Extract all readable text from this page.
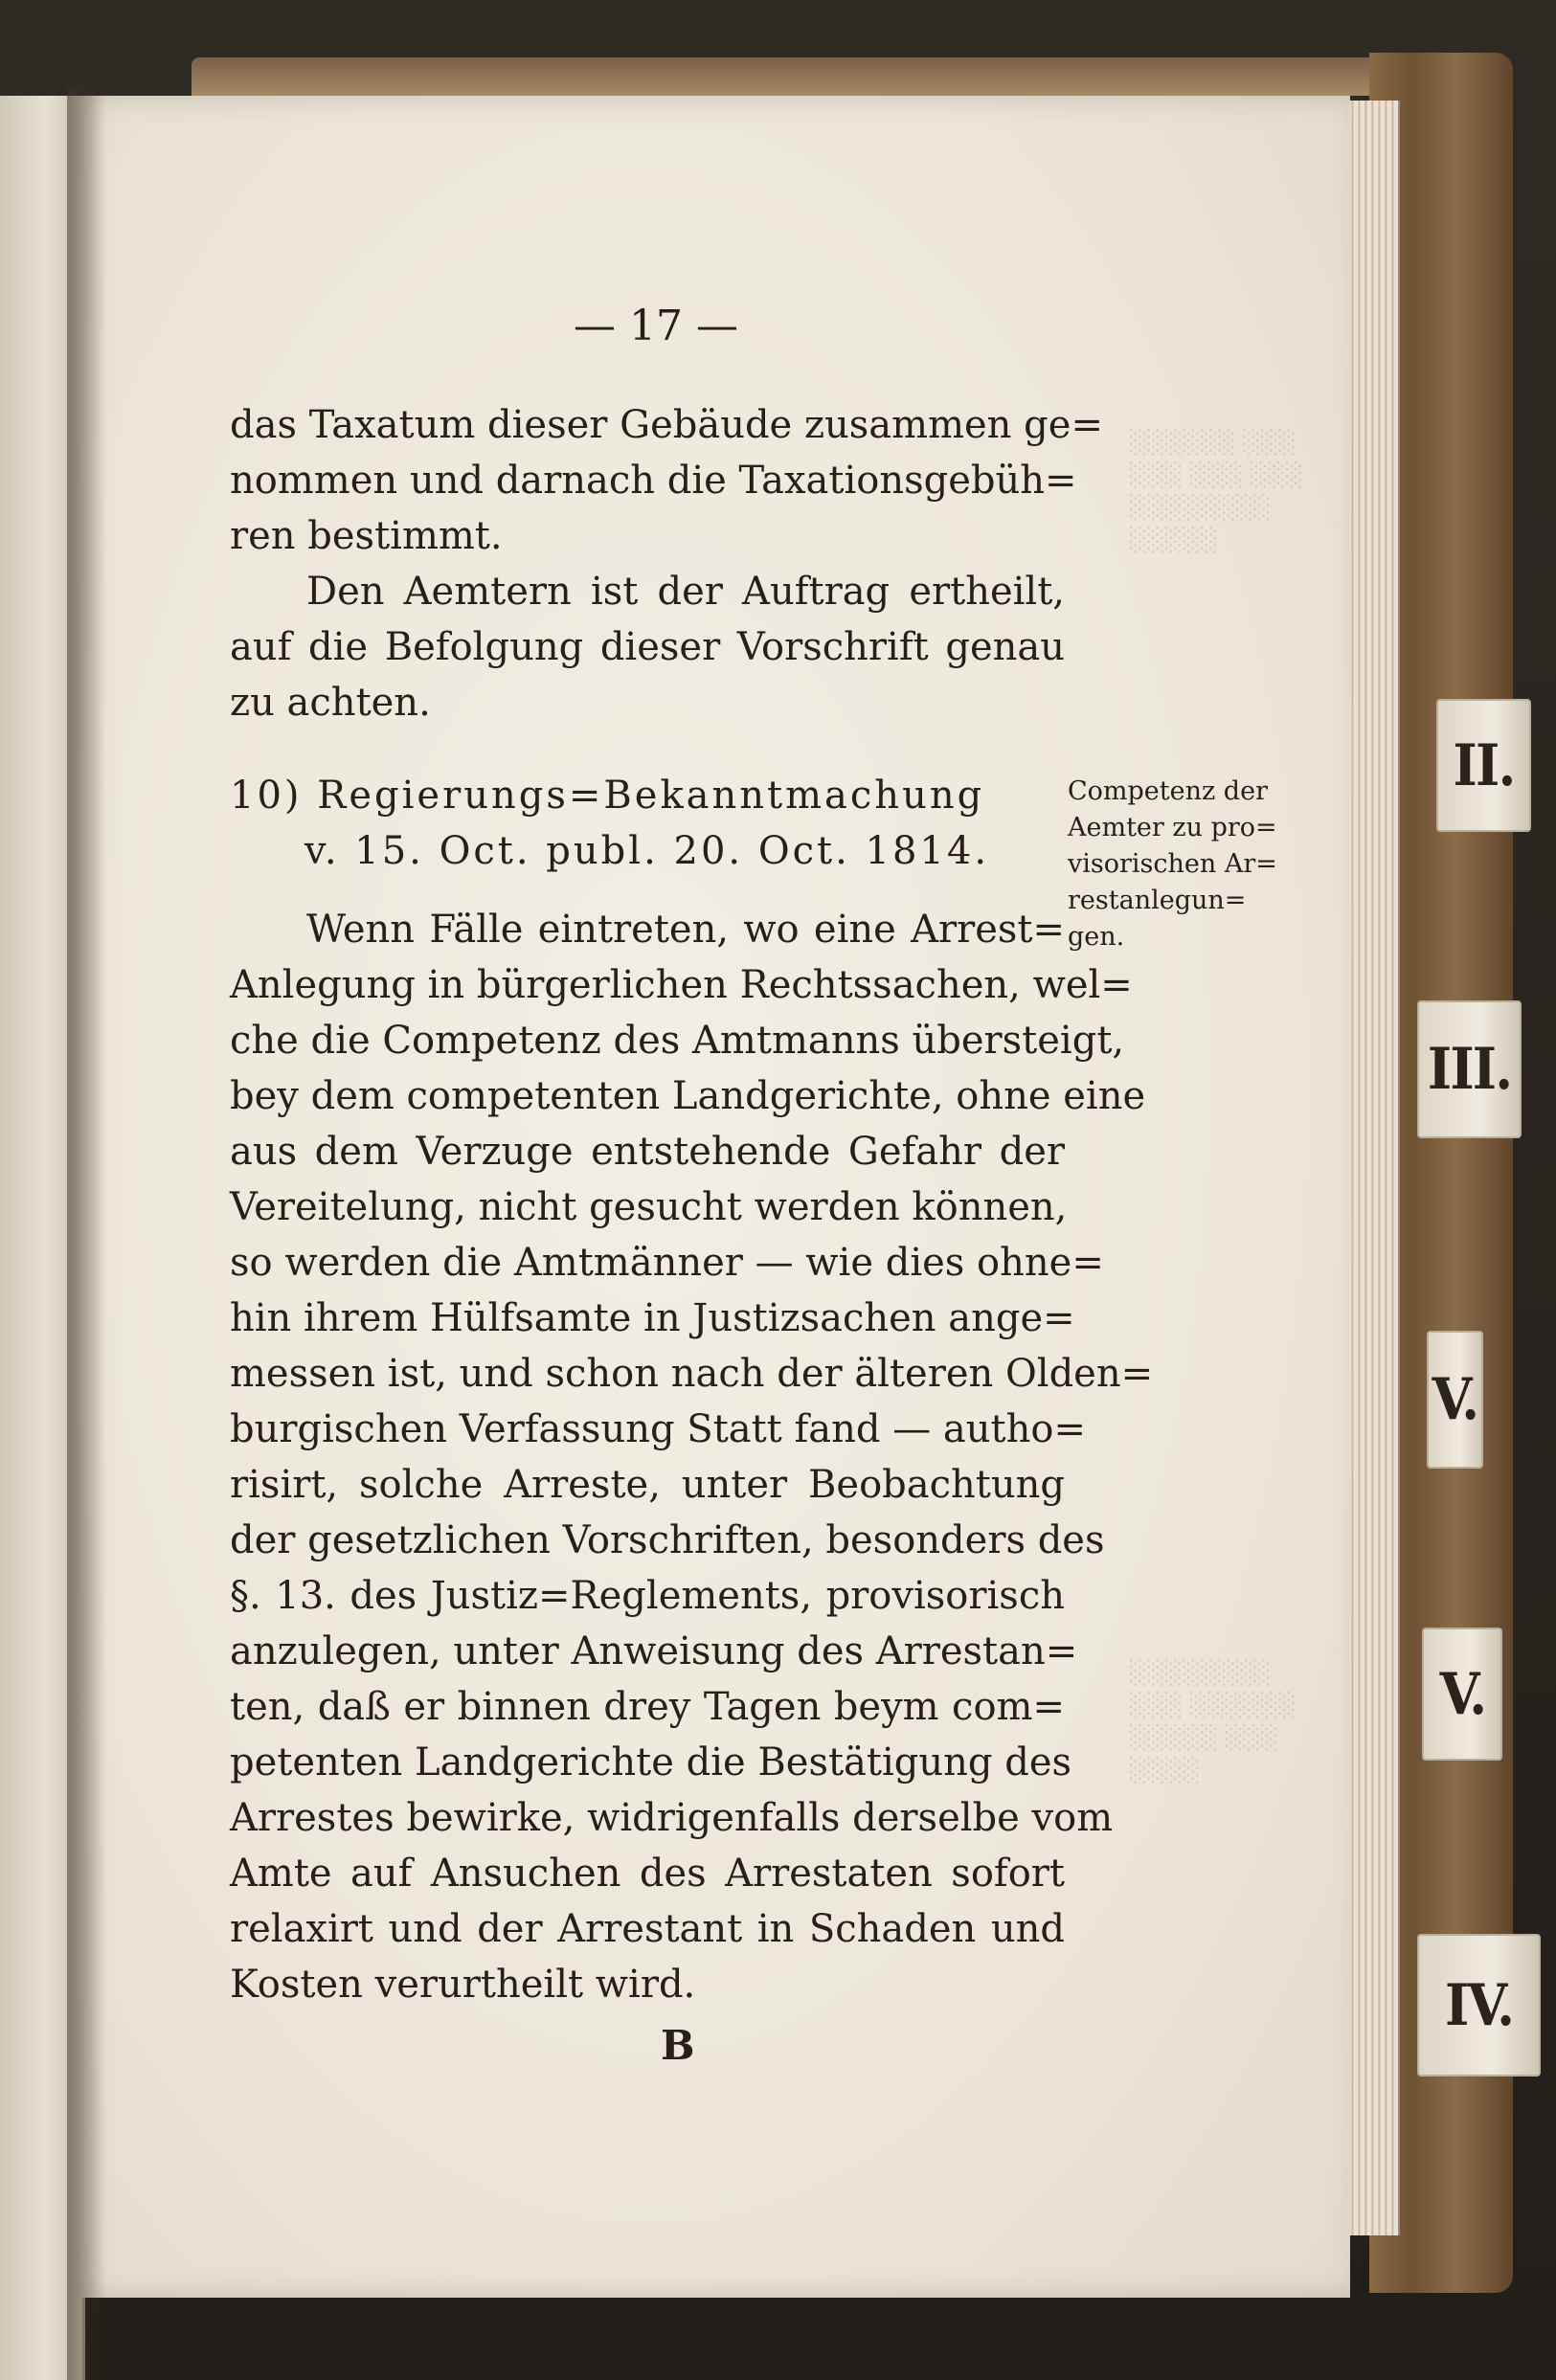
░░░░░░ ░░░
░░░ ░░░ ░░░
░░░░░░░░
░░░░░
░░░░░░░░
░░░ ░░░░░░
░░░░░ ░░░
░░░░
II.
III.
V.
V.
IV.
— 17 —
das Taxatum dieser Gebäude zusammen ge=
nommen und darnach die Taxationsgebüh=
ren bestimmt.
Den Aemtern ist der Auftrag ertheilt,
auf die Befolgung dieser Vorschrift genau
zu achten.
10) Regierungs=Bekanntmachung
v. 15. Oct. publ. 20. Oct. 1814.
Competenz der
Aemter zu pro=
visorischen Ar=
restanlegun=
gen.
Wenn Fälle eintreten, wo eine Arrest=
Anlegung in bürgerlichen Rechtssachen, wel=
che die Competenz des Amtmanns übersteigt,
bey dem competenten Landgerichte, ohne eine
aus dem Verzuge entstehende Gefahr der
Vereitelung, nicht gesucht werden können,
so werden die Amtmänner — wie dies ohne=
hin ihrem Hülfsamte in Justizsachen ange=
messen ist, und schon nach der älteren Olden=
burgischen Verfassung Statt fand — autho=
risirt, solche Arreste, unter Beobachtung
der gesetzlichen Vorschriften, besonders des
§. 13. des Justiz=Reglements, provisorisch
anzulegen, unter Anweisung des Arrestan=
ten, daß er binnen drey Tagen beym com=
petenten Landgerichte die Bestätigung des
Arrestes bewirke, widrigenfalls derselbe vom
Amte auf Ansuchen des Arrestaten sofort
relaxirt und der Arrestant in Schaden und
Kosten verurtheilt wird.
B
